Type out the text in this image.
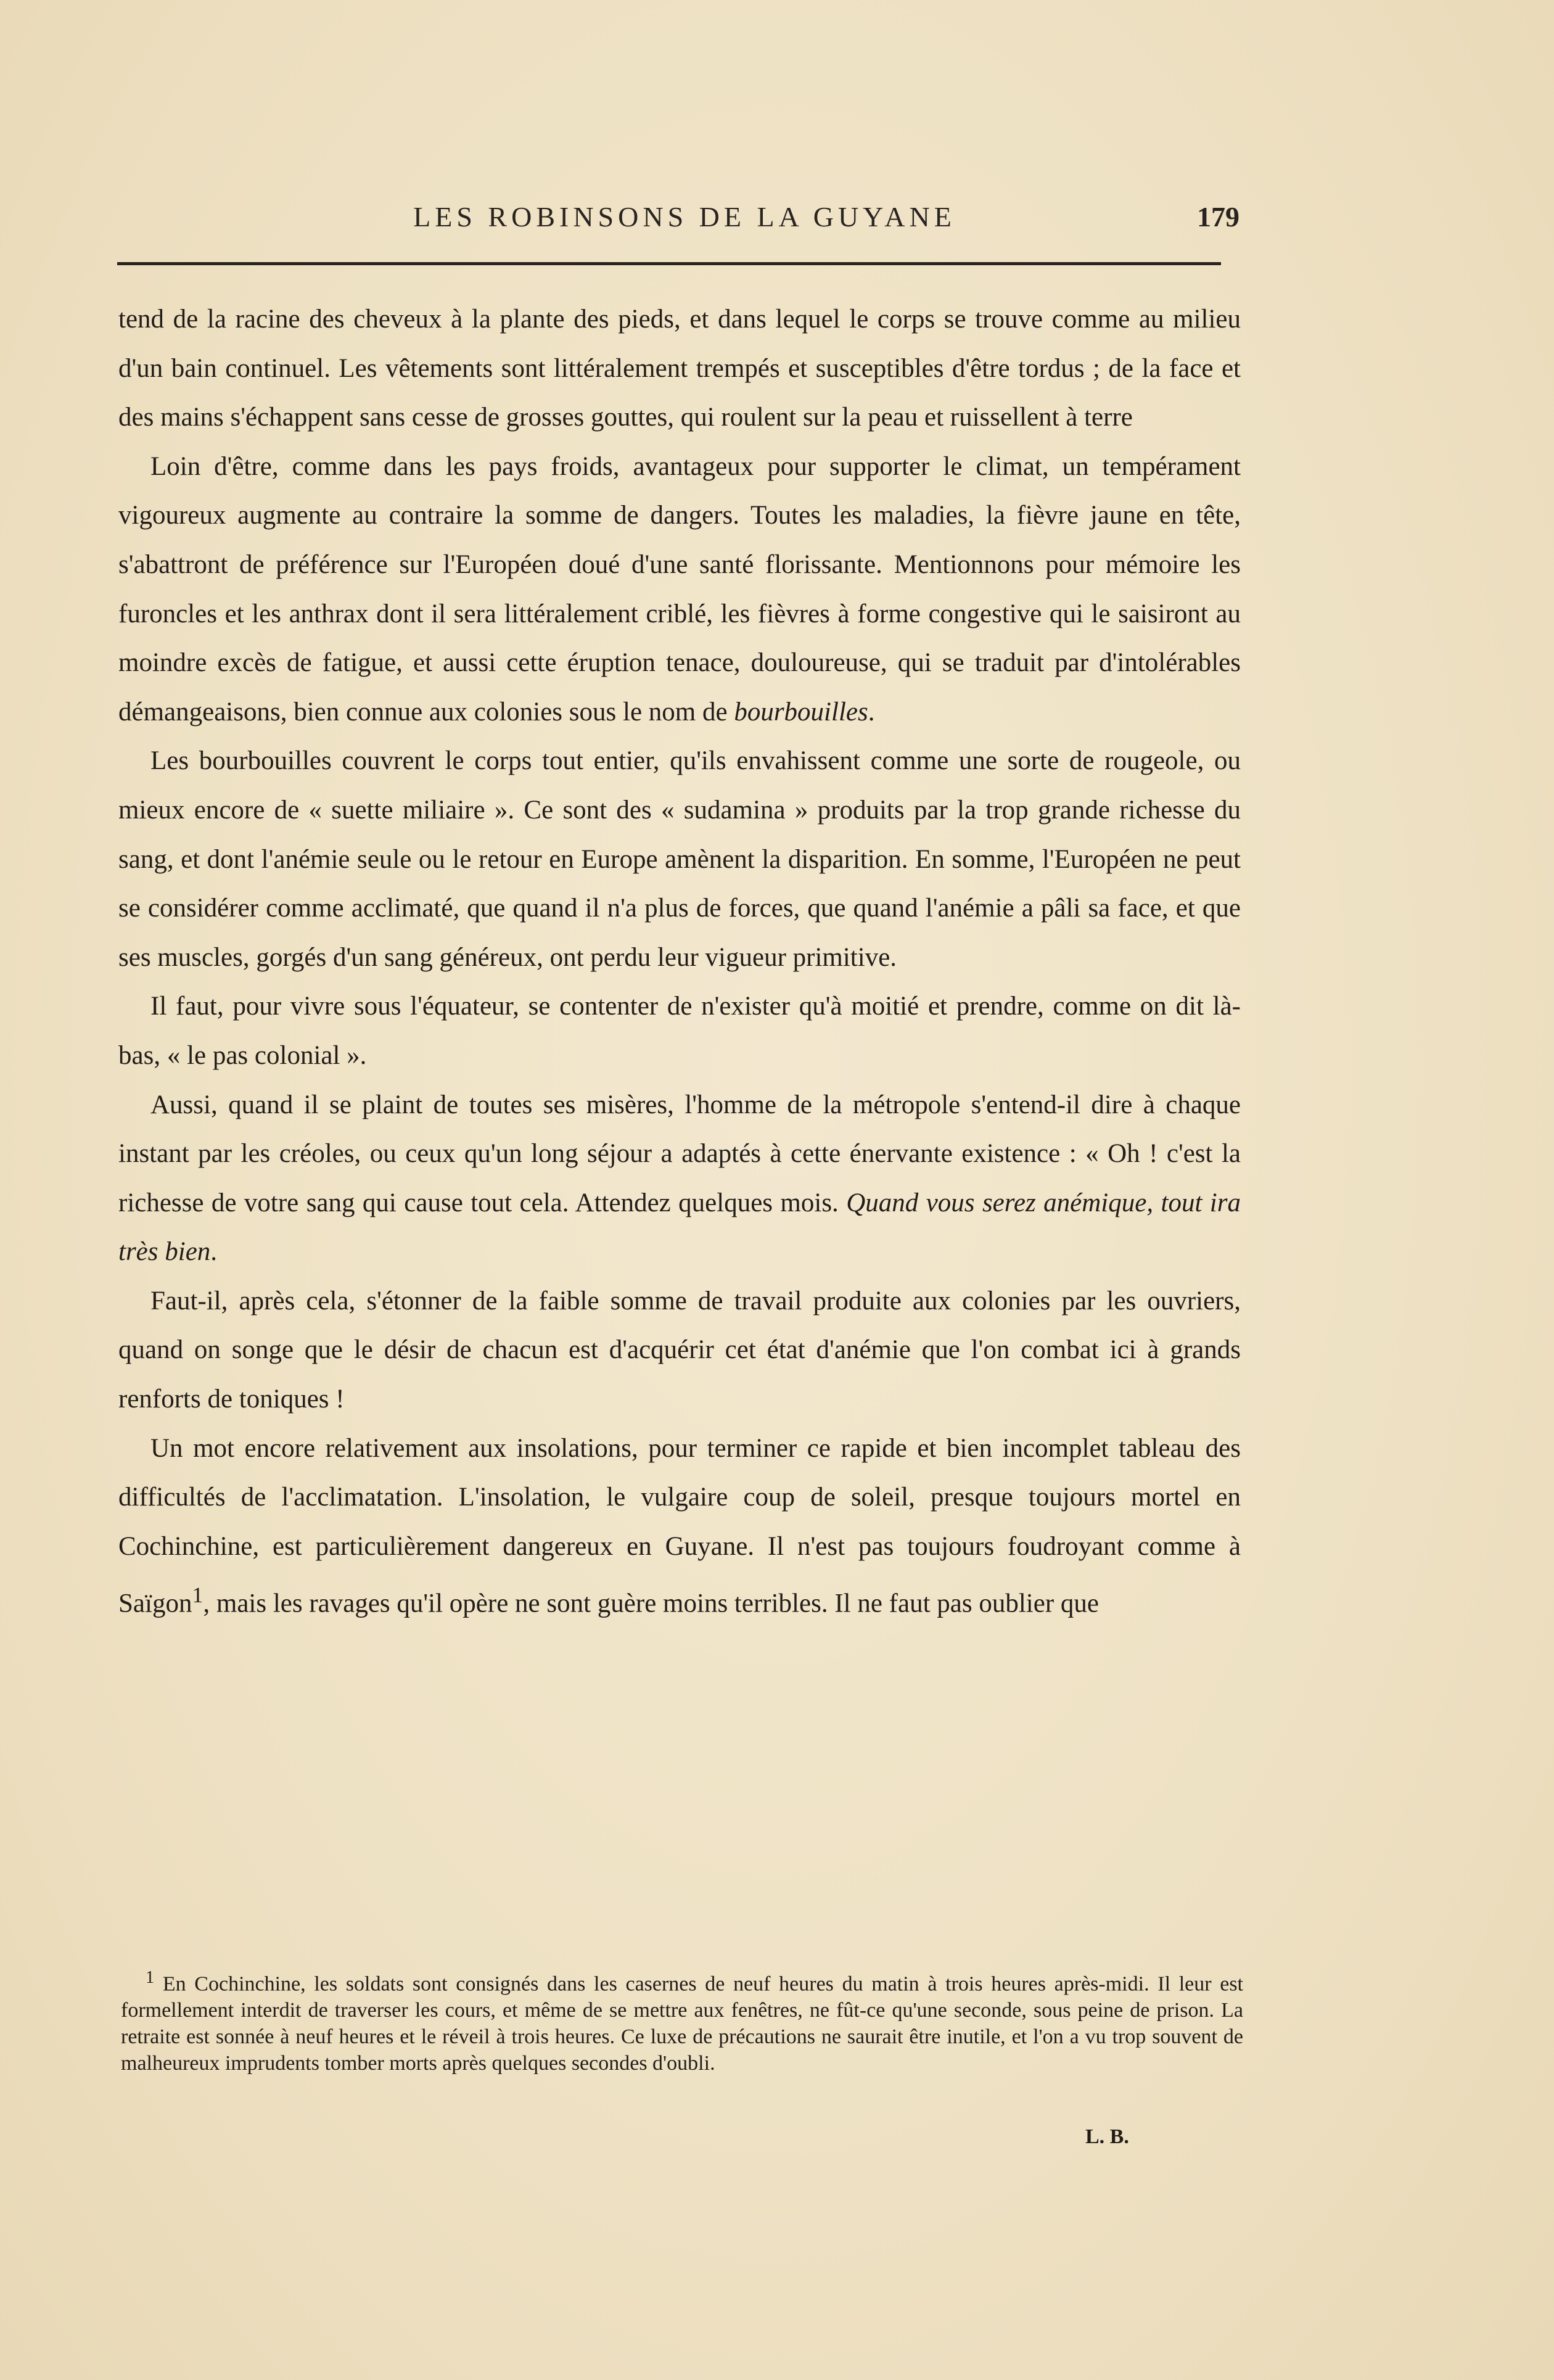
LES ROBINSONS DE LA GUYANE	179

tend de la racine des cheveux à la plante des pieds, et dans lequel le corps se trouve comme au milieu d'un bain continuel. Les vêtements sont littéralement trempés et susceptibles d'être tordus ; de la face et des mains s'échappent sans cesse de grosses gouttes, qui roulent sur la peau et ruissellent à terre

Loin d'être, comme dans les pays froids, avantageux pour supporter le climat, un tempérament vigoureux augmente au contraire la somme de dangers. Toutes les maladies, la fièvre jaune en tête, s'abattront de préférence sur l'Européen doué d'une santé florissante. Mentionnons pour mémoire les furoncles et les anthrax dont il sera littéralement criblé, les fièvres à forme congestive qui le saisiront au moindre excès de fatigue, et aussi cette éruption tenace, douloureuse, qui se traduit par d'intolérables démangeaisons, bien connue aux colonies sous le nom de bourbouilles.

Les bourbouilles couvrent le corps tout entier, qu'ils envahissent comme une sorte de rougeole, ou mieux encore de « suette miliaire ». Ce sont des « sudamina » produits par la trop grande richesse du sang, et dont l'anémie seule ou le retour en Europe amènent la disparition. En somme, l'Européen ne peut se considérer comme acclimaté, que quand il n'a plus de forces, que quand l'anémie a pâli sa face, et que ses muscles, gorgés d'un sang généreux, ont perdu leur vigueur primitive.

Il faut, pour vivre sous l'équateur, se contenter de n'exister qu'à moitié et prendre, comme on dit là-bas, « le pas colonial ».

Aussi, quand il se plaint de toutes ses misères, l'homme de la métropole s'entend-il dire à chaque instant par les créoles, ou ceux qu'un long séjour a adaptés à cette énervante existence : « Oh ! c'est la richesse de votre sang qui cause tout cela. Attendez quelques mois. Quand vous serez anémique, tout ira très bien.

Faut-il, après cela, s'étonner de la faible somme de travail produite aux colonies par les ouvriers, quand on songe que le désir de chacun est d'acquérir cet état d'anémie que l'on combat ici à grands renforts de toniques !

Un mot encore relativement aux insolations, pour terminer ce rapide et bien incomplet tableau des difficultés de l'acclimatation. L'insolation, le vulgaire coup de soleil, presque toujours mortel en Cochinchine, est particulièrement dangereux en Guyane. Il n'est pas toujours foudroyant comme à Saïgon$^1$, mais les ravages qu'il opère ne sont guère moins terribles. Il ne faut pas oublier que

$^1$ En Cochinchine, les soldats sont consignés dans les casernes de neuf heures du matin à trois heures après-midi. Il leur est formellement interdit de traverser les cours, et même de se mettre aux fenêtres, ne fût-ce qu'une seconde, sous peine de prison. La retraite est sonnée à neuf heures et le réveil à trois heures. Ce luxe de précautions ne saurait être inutile, et l'on a vu trop souvent de malheureux imprudents tomber morts après quelques secondes d'oubli.

L. B.
